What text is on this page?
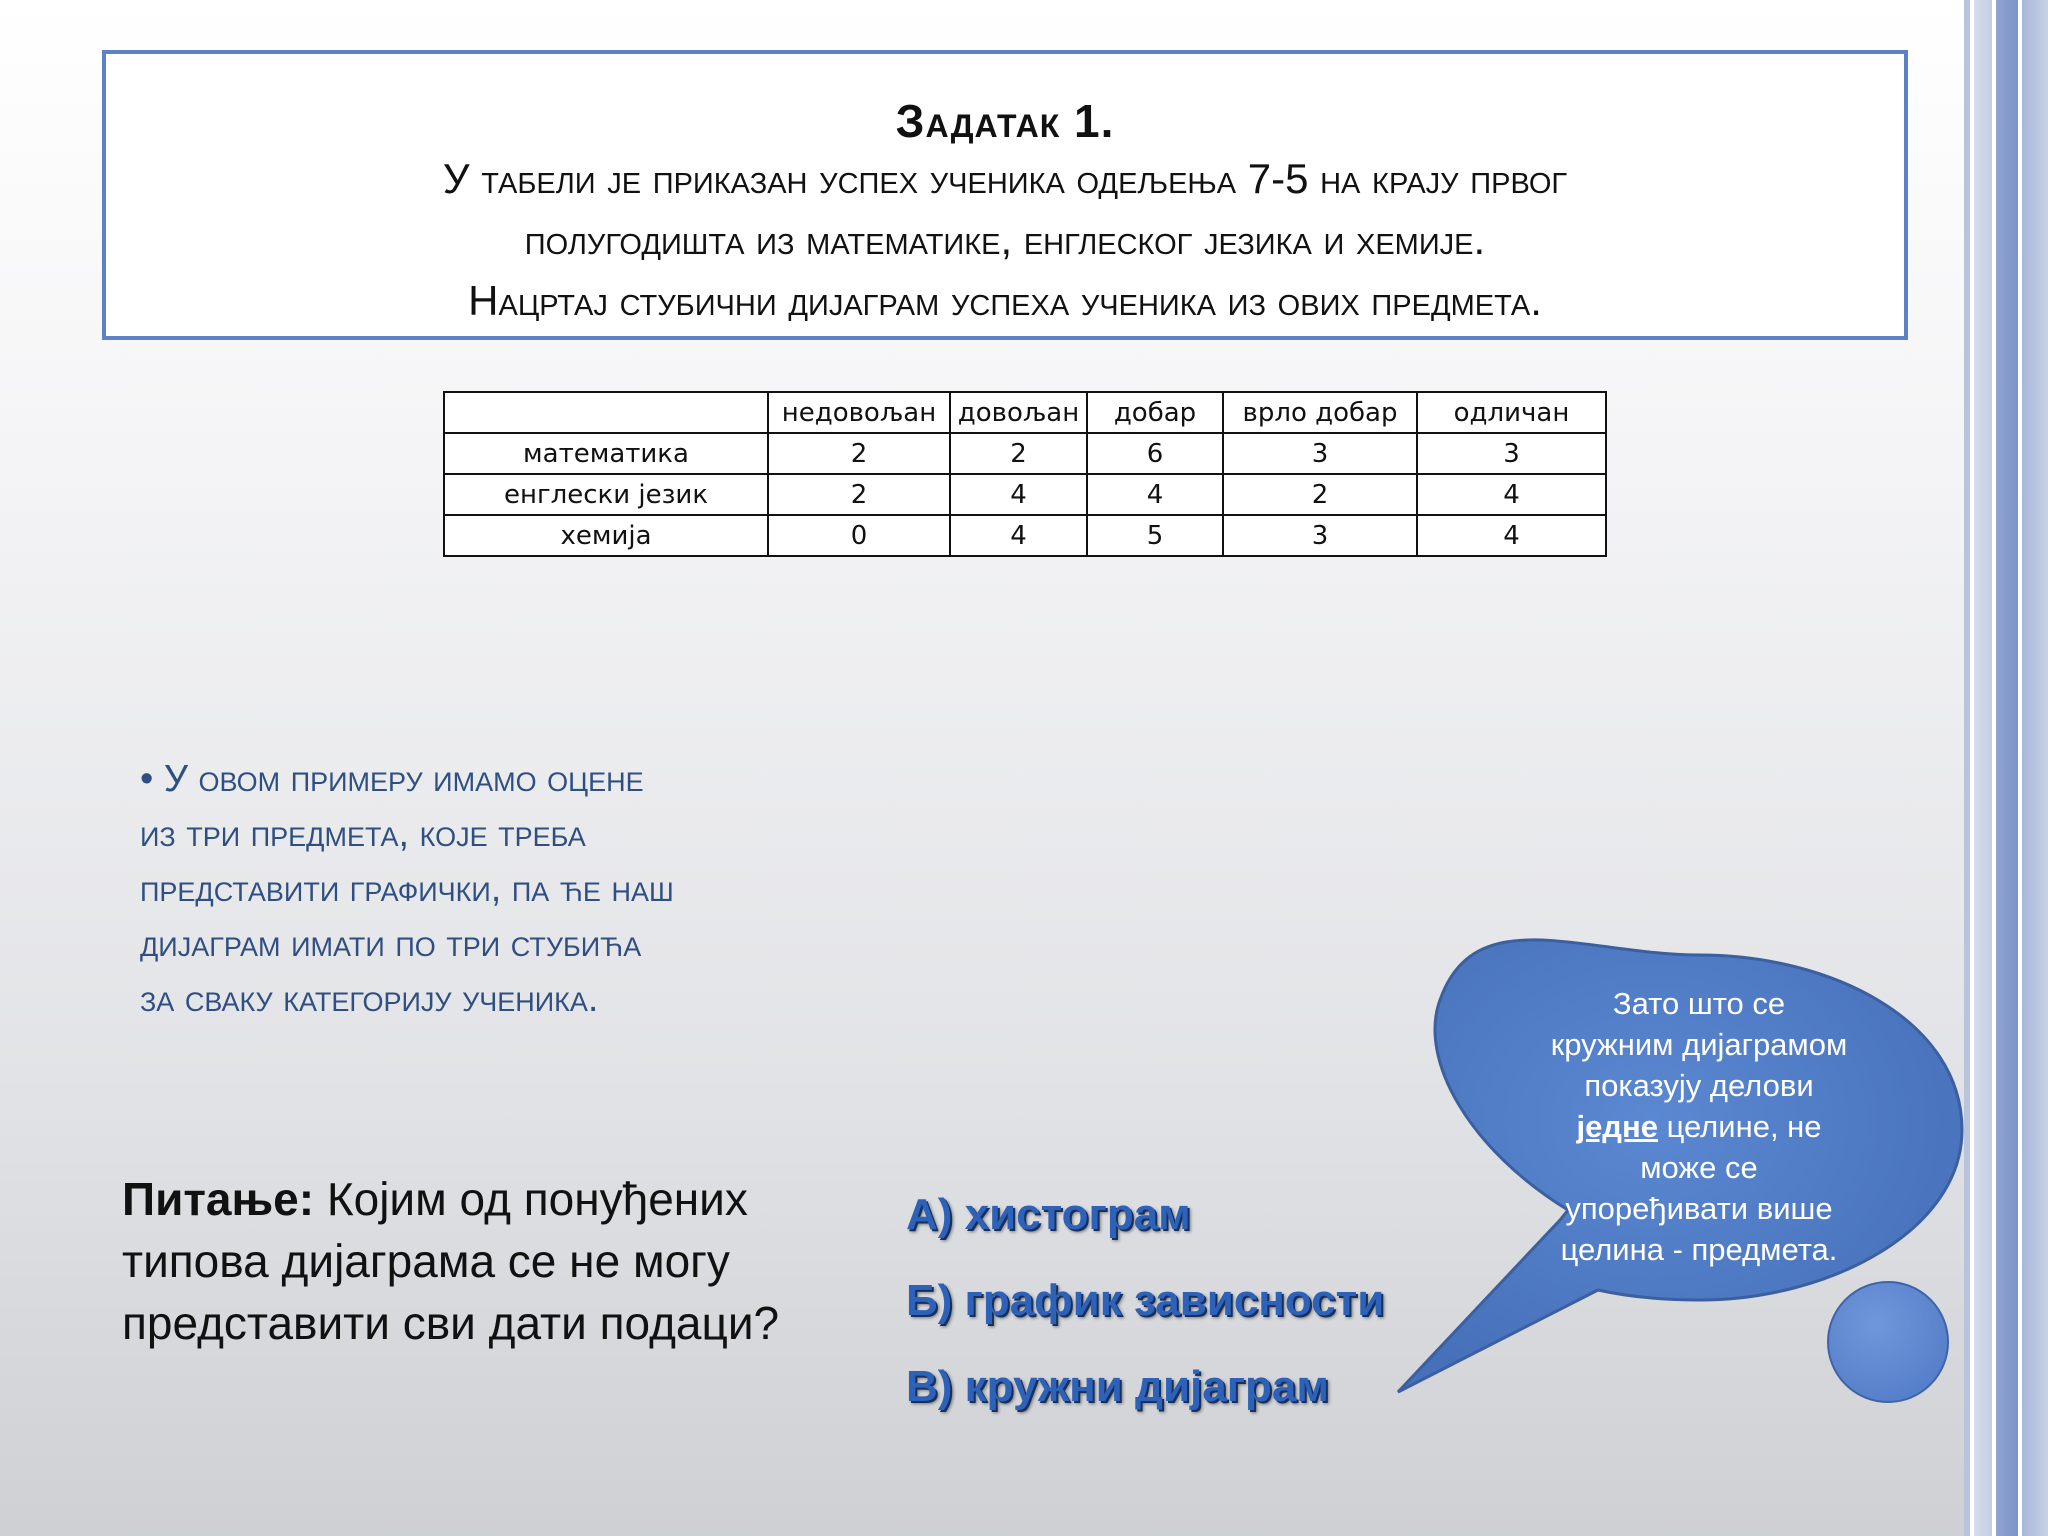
Задатак 1.
У табели је приказан успех ученика одељења 7-5 на крају првог
полугодишта из математике, енглеског језика и хемије.
Нацртај стубични дијаграм успеха ученика из ових предмета.
	недовољан	довољан	добар	врло добар	одличан
математика	2	2	6	3	3
енглески језик	2	4	4	2	4
хемија	0	4	5	3	4
• У овом примеру имамо оцене
из три предмета, које треба
представити графички, па ће наш
дијаграм имати по три стубића
за сваку категорију ученика.
Питање: Којим од понуђених
типова дијаграма се не могу
представити сви дати подаци?
А) хистограм
Б) график зависности
В) кружни дијаграм
Зато што се
кружним дијаграмом
показују делови
једне целине, не
може се
упоређивати више
целина - предмета.
